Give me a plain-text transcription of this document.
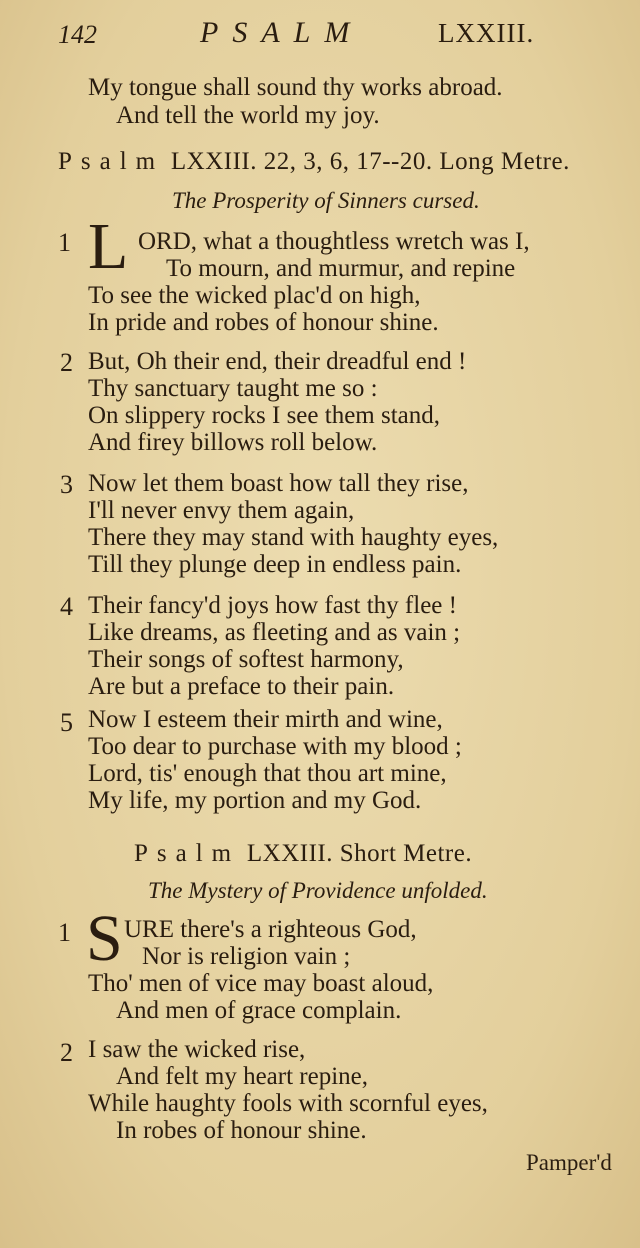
142	PSALM	LXXIII.
My tongue shall sound thy works abroad.
And tell the world my joy.
Psalm LXXIII. 22, 3, 6, 17--20. Long Metre.
The Prosperity of Sinners cursed.
1 L ORD, what a thoughtless wretch was I,
To mourn, and murmur, and repine
To see the wicked plac'd on high,
In pride and robes of honour shine.
2 But, Oh their end, their dreadful end !
Thy sanctuary taught me so :
On slippery rocks I see them stand,
And firey billows roll below.
3 Now let them boast how tall they rise,
I'll never envy them again,
There they may stand with haughty eyes,
Till they plunge deep in endless pain.
4 Their fancy'd joys how fast thy flee !
Like dreams, as fleeting and as vain ;
Their songs of softest harmony,
Are but a preface to their pain.
5 Now I esteem their mirth and wine,
Too dear to purchase with my blood ;
Lord, tis' enough that thou art mine,
My life, my portion and my God.
Psalm LXXIII. Short Metre.
The Mystery of Providence unfolded.
1 S URE there's a righteous God,
Nor is religion vain ;
Tho' men of vice may boast aloud,
And men of grace complain.
2 I saw the wicked rise,
And felt my heart repine,
While haughty fools with scornful eyes,
In robes of honour shine.
Pamper'd
